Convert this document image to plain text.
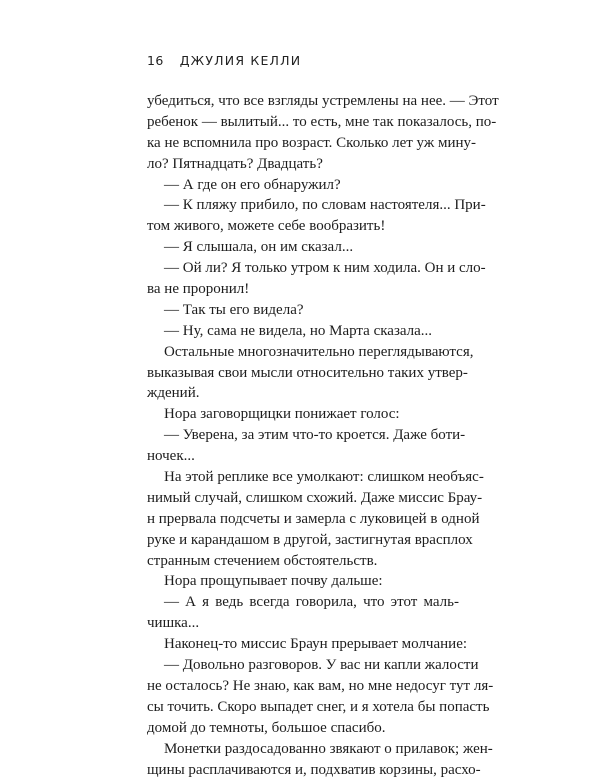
16 ДЖУЛИЯ КЕЛЛИ
убедиться, что все взгляды устремлены на нее. — Этот
ребенок — вылитый... то есть, мне так показалось, по-
ка не вспомнила про возраст. Сколько лет уж мину-
ло? Пятнадцать? Двадцать?
— А где он его обнаружил?
— К пляжу прибило, по словам настоятеля... При-
том живого, можете себе вообразить!
— Я слышала, он им сказал...
— Ой ли? Я только утром к ним ходила. Он и сло-
ва не проронил!
— Так ты его видела?
— Ну, сама не видела, но Марта сказала...
Остальные многозначительно переглядываются,
выказывая свои мысли относительно таких утвер-
ждений.
Нора заговорщицки понижает голос:
— Уверена, за этим что-то кроется. Даже боти-
ночек...
На этой реплике все умолкают: слишком необъяс-
нимый случай, слишком схожий. Даже миссис Брау-
н прервала подсчеты и замерла с луковицей в одной
руке и карандашом в другой, застигнутая врасплох
странным стечением обстоятельств.
Нора прощупывает почву дальше:
— А я ведь всегда говорила, что этот маль-
чишка...
Наконец-то миссис Браун прерывает молчание:
— Довольно разговоров. У вас ни капли жалости
не осталось? Не знаю, как вам, но мне недосуг тут ля-
сы точить. Скоро выпадет снег, и я хотела бы попасть
домой до темноты, большое спасибо.
Монетки раздосадованно звякают о прилавок; жен-
щины расплачиваются и, подхватив корзины, расхо-
